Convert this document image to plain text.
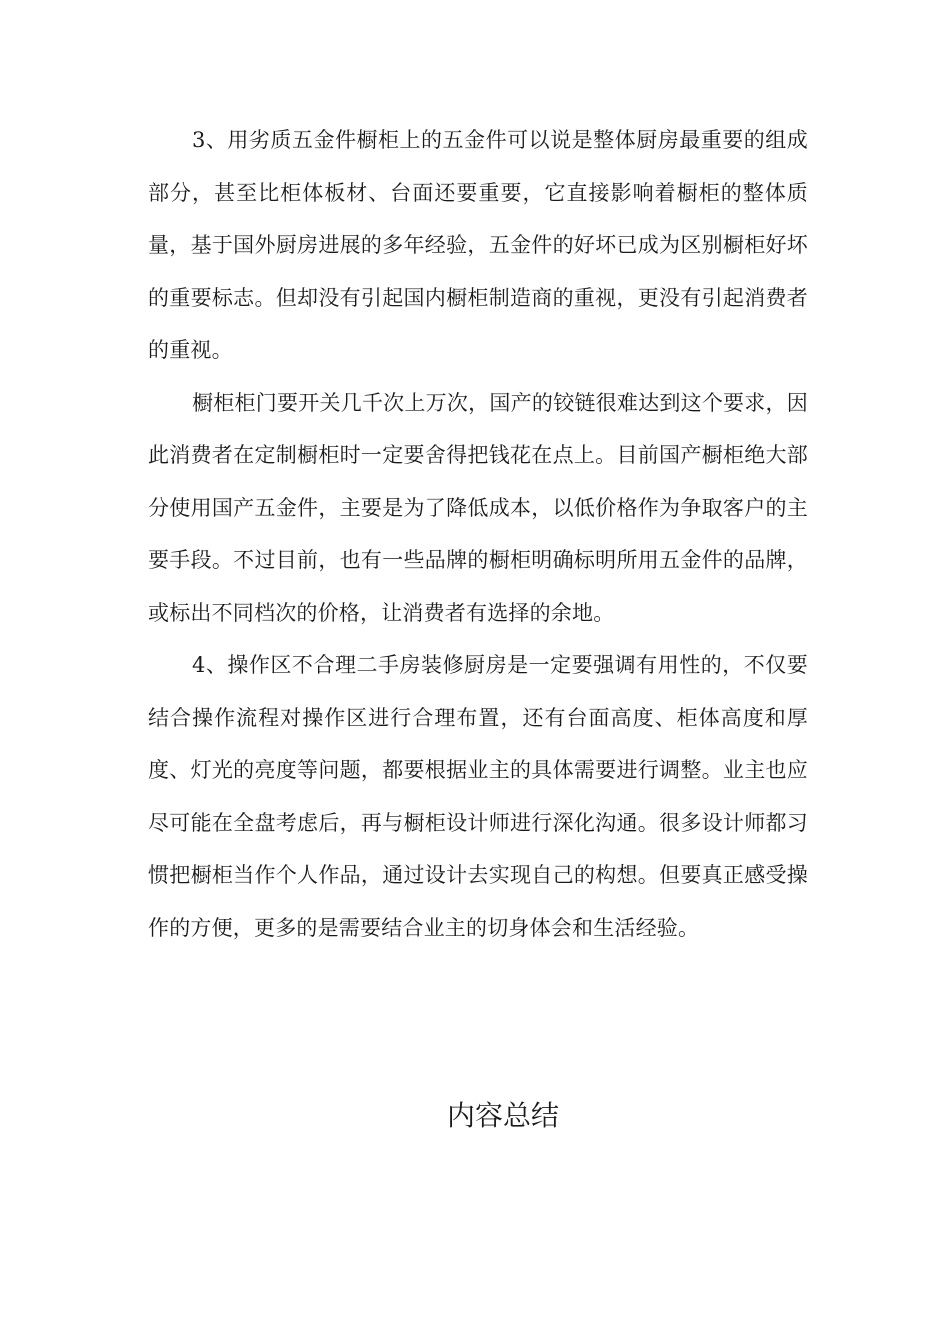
3、用劣质五金件橱柜上的五金件可以说是整体厨房最重要的组成部分，甚至比柜体板材、台面还要重要，它直接影响着橱柜的整体质量，基于国外厨房进展的多年经验，五金件的好坏已成为区别橱柜好坏的重要标志。但却没有引起国内橱柜制造商的重视，更没有引起消费者的重视。

橱柜柜门要开关几千次上万次，国产的铰链很难达到这个要求，因此消费者在定制橱柜时一定要舍得把钱花在点上。目前国产橱柜绝大部分使用国产五金件，主要是为了降低成本，以低价格作为争取客户的主要手段。不过目前，也有一些品牌的橱柜明确标明所用五金件的品牌，或标出不同档次的价格，让消费者有选择的余地。

4、操作区不合理二手房装修厨房是一定要强调有用性的，不仅要结合操作流程对操作区进行合理布置，还有台面高度、柜体高度和厚度、灯光的亮度等问题，都要根据业主的具体需要进行调整。业主也应尽可能在全盘考虑后，再与橱柜设计师进行深化沟通。很多设计师都习惯把橱柜当作个人作品，通过设计去实现自己的构想。但要真正感受操作的方便，更多的是需要结合业主的切身体会和生活经验。

内容总结
